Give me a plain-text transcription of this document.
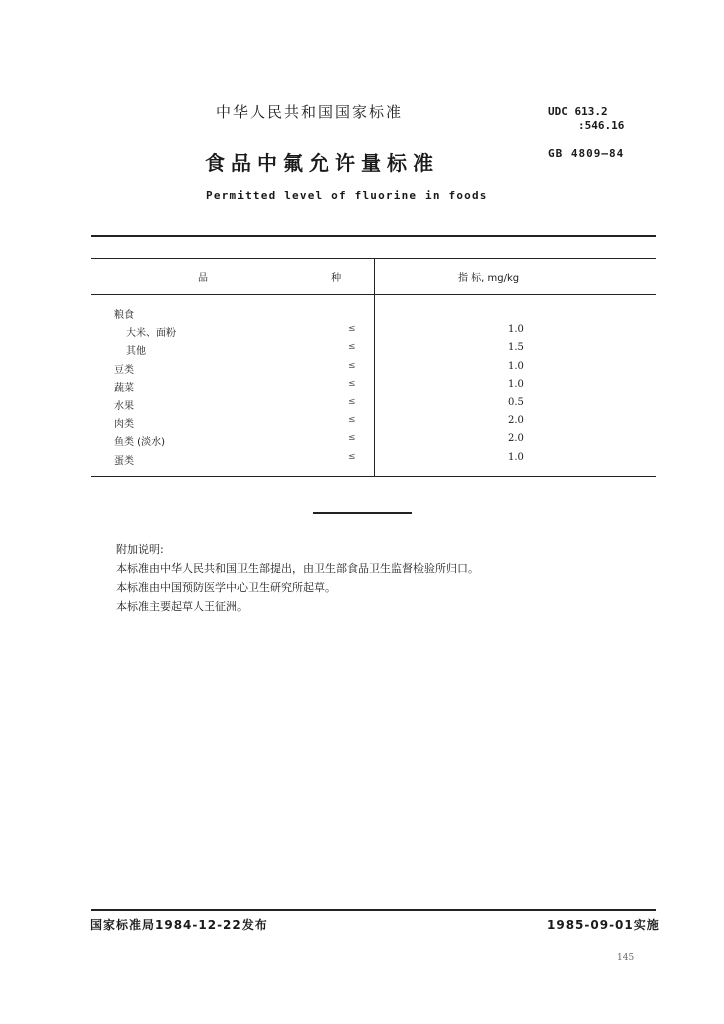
中华人民共和国国家标准	UDC 613.2
:546.16
食品中氟允许量标准	GB 4809—84
Permitted level of fluorine in foods
品 种	指 标, mg/kg
粮食
大米、面粉	≤	1.0
其他	≤	1.5
豆类	≤	1.0
蔬菜	≤	1.0
水果	≤	0.5
肉类	≤	2.0
鱼类 (淡水)	≤	2.0
蛋类	≤	1.0
附加说明:
本标准由中华人民共和国卫生部提出，由卫生部食品卫生监督检验所归口。
本标准由中国预防医学中心卫生研究所起草。
本标准主要起草人王征洲。
国家标准局1984-12-22发布	1985-09-01实施
145
